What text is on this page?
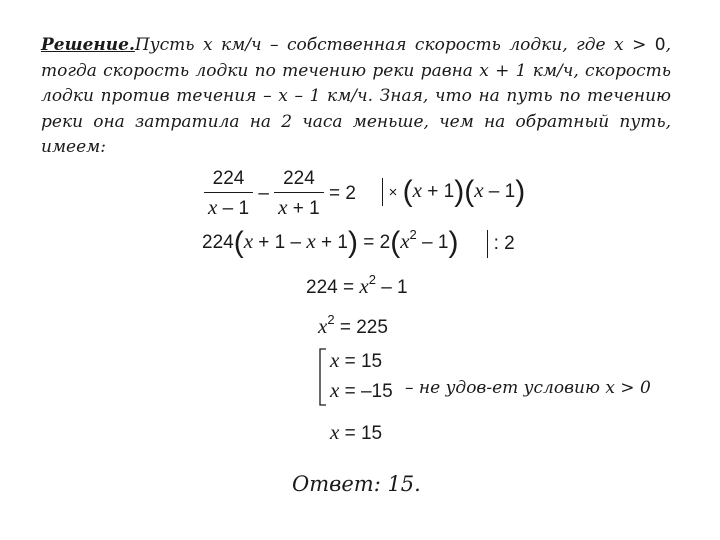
Решение.Пусть x км/ч – собственная скорость лодки, где x > 0, тогда скорость лодки по течению реки равна x + 1 км/ч, скорость лодки против течения – x – 1 км/ч. Зная, что на путь по течению реки она затратила на 2 часа меньше, чем на обратный путь, имеем:
$\frac{224}{x - 1} - \frac{224}{x + 1} = 2$	× (x + 1)(x – 1)
$224(x + 1 - x + 1) = 2(x^2 - 1)$	: 2
$224 = x^2 - 1$
$x^2 = 225$
x = 15
x = –15 – не удов-ет условию x > 0
x = 15
Ответ: 15.
